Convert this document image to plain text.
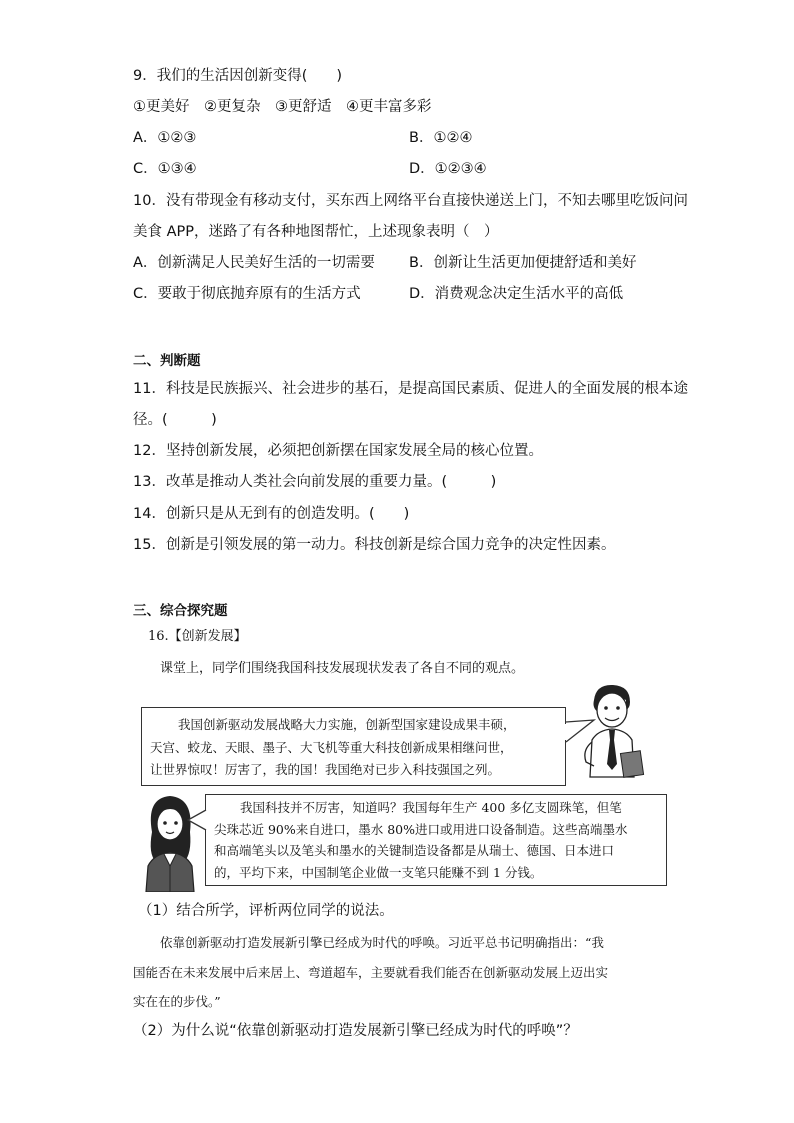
9．我们的生活因创新变得(　　)
①更美好　②更复杂　③更舒适　④更丰富多彩
A．①②③	B．①②④
C．①③④	D．①②③④
10．没有带现金有移动支付，买东西上网络平台直接快递送上门，不知去哪里吃饭问问
美食 APP，迷路了有各种地图帮忙，上述现象表明（　）
A．创新满足人民美好生活的一切需要 B．创新让生活更加便捷舒适和美好
C．要敢于彻底抛弃原有的生活方式	D．消费观念决定生活水平的高低
二、判断题
11．科技是民族振兴、社会进步的基石，是提高国民素质、促进人的全面发展的根本途
径。(　　　)
12．坚持创新发展，必须把创新摆在国家发展全局的核心位置。
13．改革是推动人类社会向前发展的重要力量。(　　　)
14．创新只是从无到有的创造发明。(　　)
15．创新是引领发展的第一动力。科技创新是综合国力竞争的决定性因素。
三、综合探究题
16.【创新发展】
课堂上，同学们围绕我国科技发展现状发表了各自不同的观点。
我国创新驱动发展战略大力实施，创新型国家建设成果丰硕，
天宫、蛟龙、天眼、墨子、大飞机等重大科技创新成果相继问世，
让世界惊叹！厉害了，我的国！我国绝对已步入科技强国之列。
我国科技并不厉害，知道吗？我国每年生产 400 多亿支圆珠笔，但笔
尖珠芯近 90%来自进口，墨水 80%进口或用进口设备制造。这些高端墨水
和高端笔头以及笔头和墨水的关键制造设备都是从瑞士、德国、日本进口
的，平均下来，中国制笔企业做一支笔只能赚不到 1 分钱。
（1）结合所学，评析两位同学的说法。
依靠创新驱动打造发展新引擎已经成为时代的呼唤。习近平总书记明确指出：“我
国能否在未来发展中后来居上、弯道超车，主要就看我们能否在创新驱动发展上迈出实
实在在的步伐。”
（2）为什么说“依靠创新驱动打造发展新引擎已经成为时代的呼唤”？
